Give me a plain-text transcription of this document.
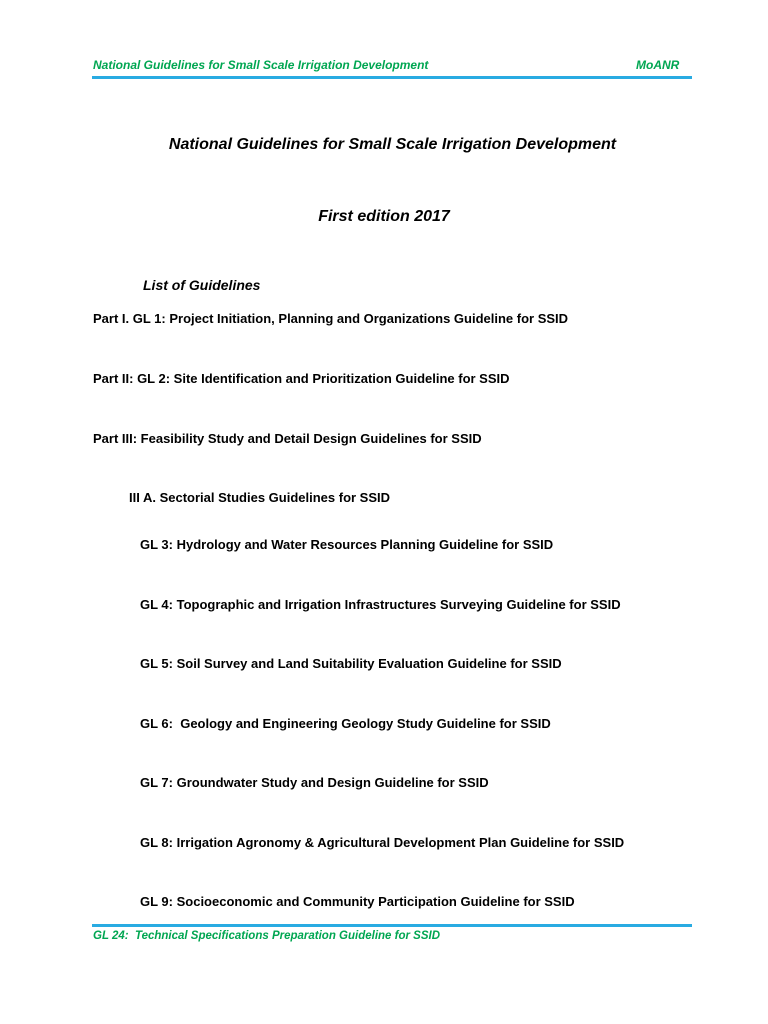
National Guidelines for Small Scale Irrigation Development	MoANR
National Guidelines for Small Scale Irrigation Development
First edition 2017
List of Guidelines
Part I. GL 1: Project Initiation, Planning and Organizations Guideline for SSID
Part II: GL 2: Site Identification and Prioritization Guideline for SSID
Part III: Feasibility Study and Detail Design Guidelines for SSID
III A. Sectorial Studies Guidelines for SSID
GL 3: Hydrology and Water Resources Planning Guideline for SSID
GL 4: Topographic and Irrigation Infrastructures Surveying Guideline for SSID
GL 5: Soil Survey and Land Suitability Evaluation Guideline for SSID
GL 6:  Geology and Engineering Geology Study Guideline for SSID
GL 7: Groundwater Study and Design Guideline for SSID
GL 8: Irrigation Agronomy & Agricultural Development Plan Guideline for SSID
GL 9: Socioeconomic and Community Participation Guideline for SSID
GL 24:  Technical Specifications Preparation Guideline for SSID
